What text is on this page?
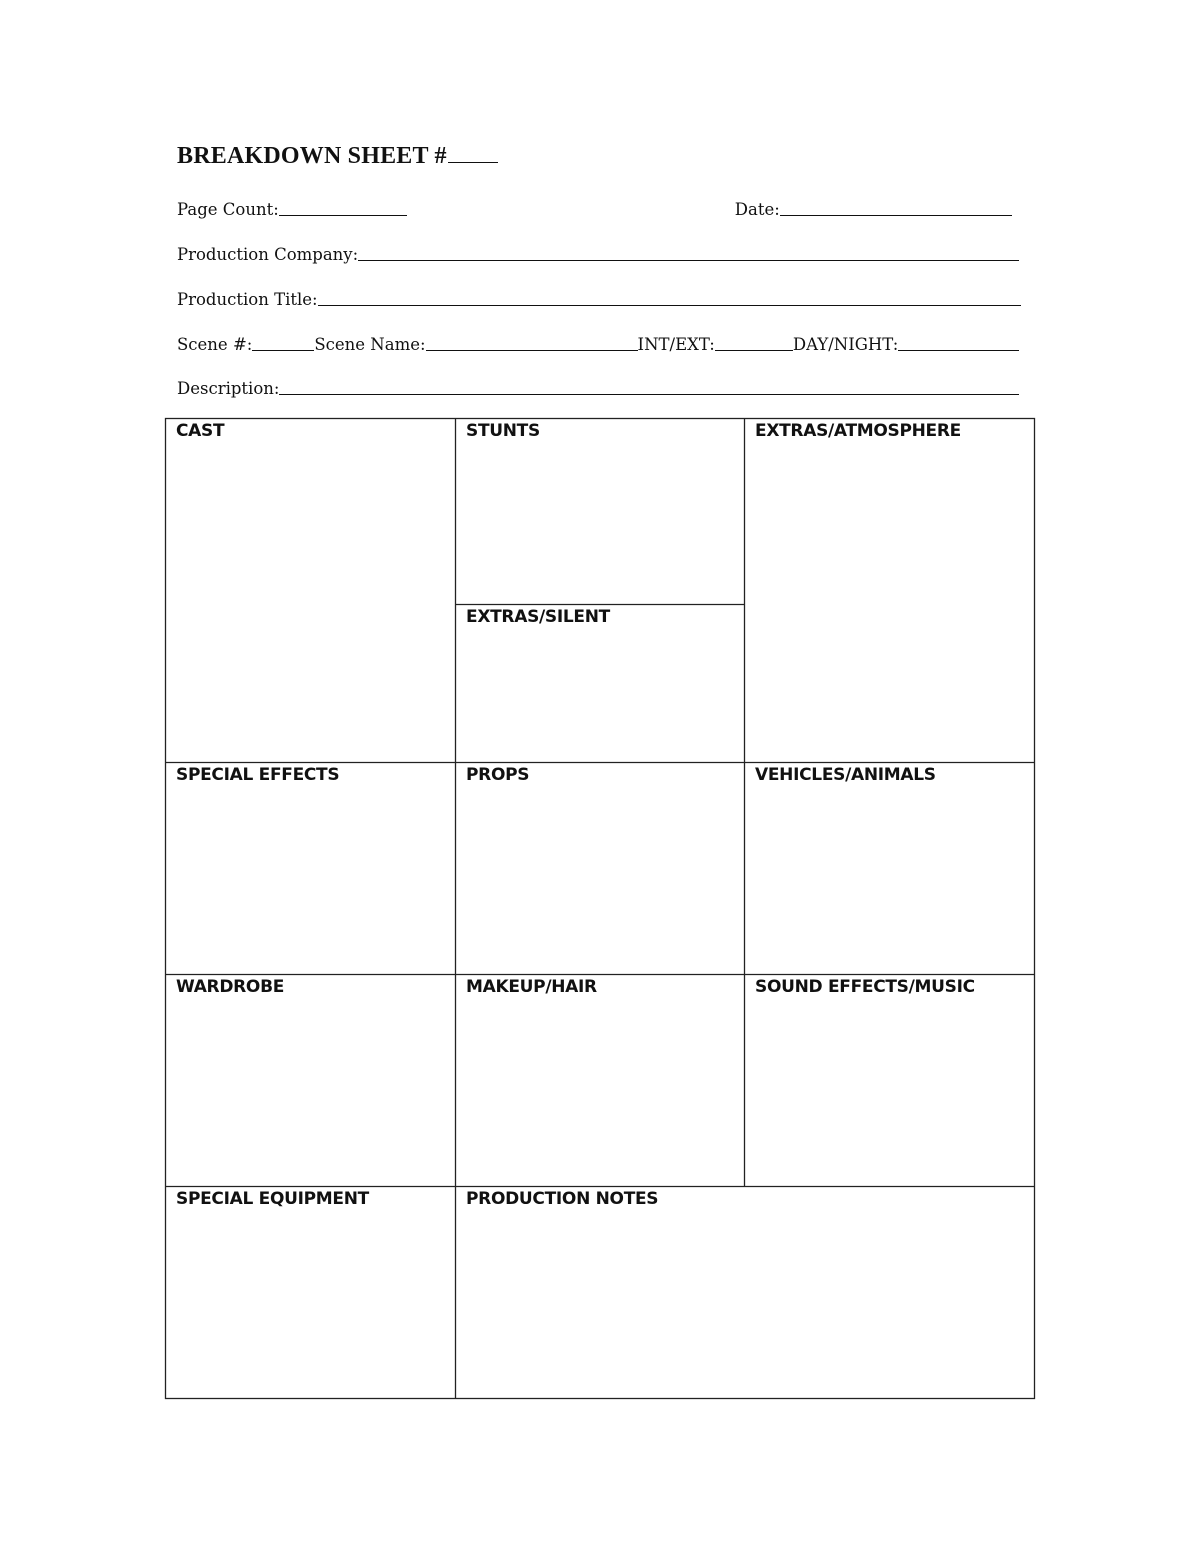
BREAKDOWN SHEET #
Page Count:	Date:
Production Company:
Production Title:
Scene #:	Scene Name:	INT/EXT:	DAY/NIGHT:
Description:
CAST	STUNTS	EXTRAS/ATMOSPHERE
EXTRAS/SILENT
SPECIAL EFFECTS	PROPS	VEHICLES/ANIMALS
WARDROBE	MAKEUP/HAIR	SOUND EFFECTS/MUSIC
SPECIAL EQUIPMENT	PRODUCTION NOTES
